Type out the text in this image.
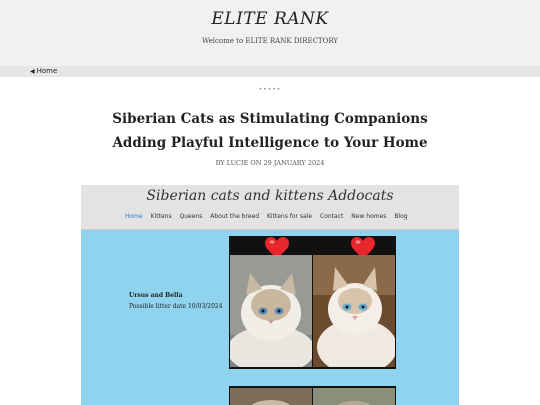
ELITE RANK
Welcome to ELITE RANK DIRECTORY
◀ Home
•••••
Siberian Cats as Stimulating Companions Adding Playful Intelligence to Your Home
BY LUCIE ON 29 JANUARY 2024
Siberian cats and kittens Addocats
Home Kittens Queens About the breed Kittens for sale Contact New homes Blog
Ursus and Bella
Possible litter date 10/03/2024
